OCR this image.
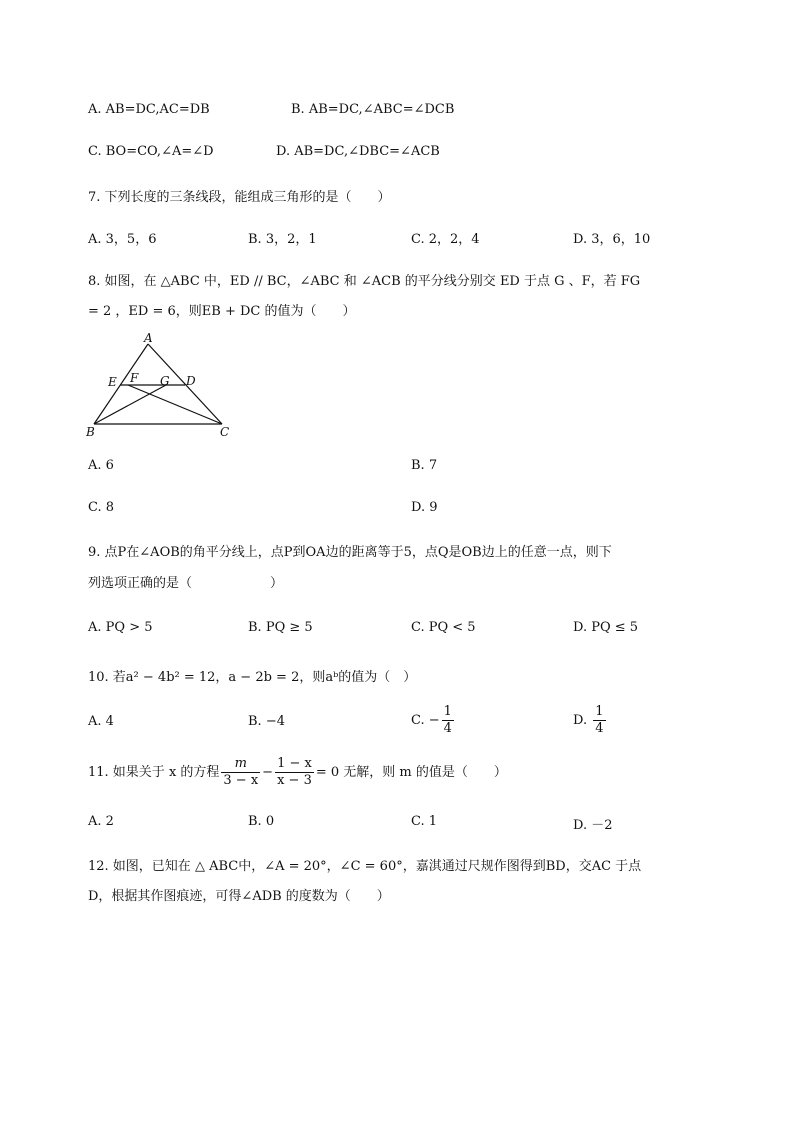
A. AB=DC,AC=DB	B. AB=DC,∠ABC=∠DCB
C. BO=CO,∠A=∠D	D. AB=DC,∠DBC=∠ACB
7. 下列长度的三条线段，能组成三角形的是（　　）
A. 3，5，6	B. 3，2，1	C. 2，2，4	D. 3，6，10
8. 如图，在 △ABC 中，ED // BC，∠ABC 和 ∠ACB 的平分线分别交 ED 于点 G 、F，若 FG
= 2 ，ED = 6，则EB + DC 的值为（　　）
A
E F G D
B	C
A. 6	B. 7
C. 8	D. 9
9. 点P在∠AOB的角平分线上，点P到OA边的距离等于5，点Q是OB边上的任意一点，则下
列选项正确的是（　　　　　　）
A. PQ > 5	B. PQ ≥ 5	C. PQ < 5	D. PQ ≤ 5
10. 若a² − 4b² = 12，a − 2b = 2，则aᵇ的值为（　）
A. 4	B. −4	C. − $\frac{1}{4}$	D. $\frac{1}{4}$
11. 如果关于 x 的方程 $\frac{m}{3 - x} - \frac{1 - x}{x - 3} = 0$ 无解，则 m 的值是（　　）
A. 2	B. 0	C. 1	D. －2
12. 如图，已知在 △ ABC中，∠A = 20°，∠C = 60°，嘉淇通过尺规作图得到BD，交AC 于点
D，根据其作图痕迹，可得∠ADB 的度数为（　　）
